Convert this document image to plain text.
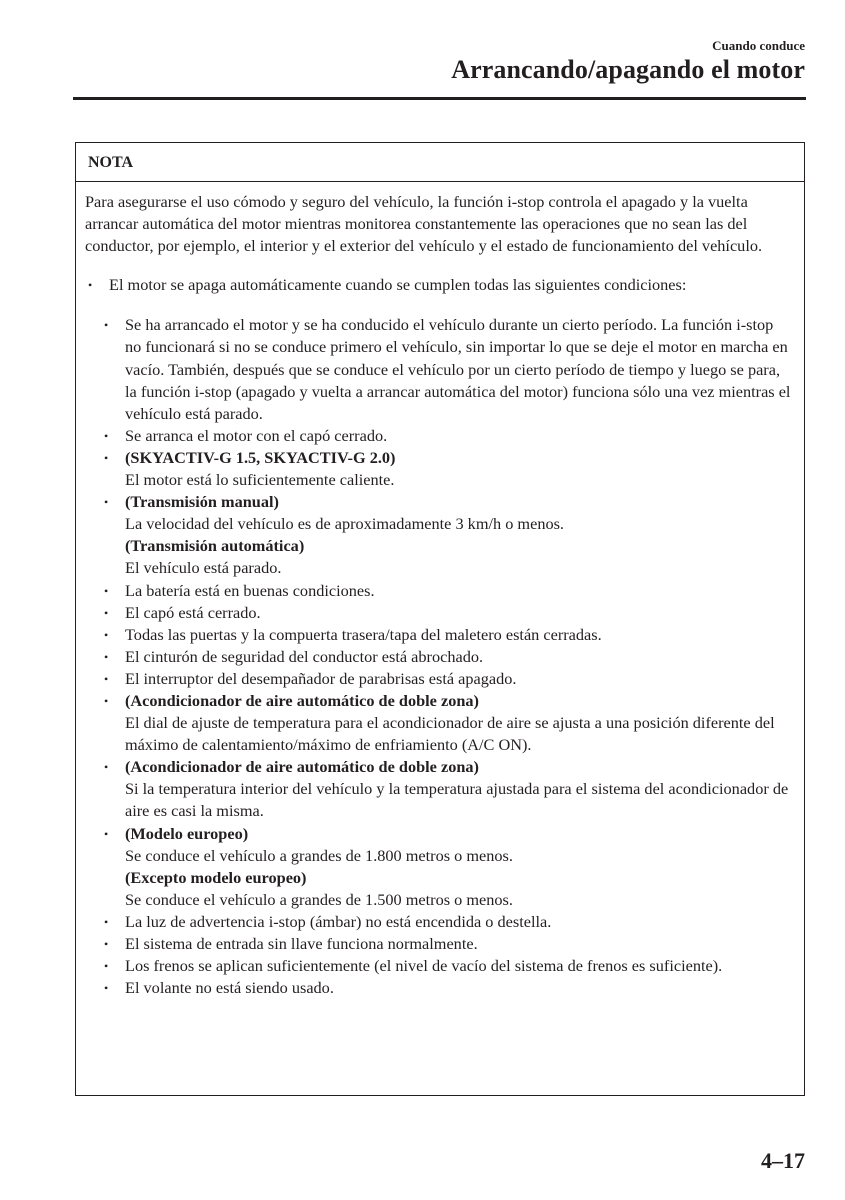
Cuando conduce
Arrancando/apagando el motor
NOTA

Para asegurarse el uso cómodo y seguro del vehículo, la función i-stop controla el apagado y la vuelta arrancar automática del motor mientras monitorea constantemente las operaciones que no sean las del conductor, por ejemplo, el interior y el exterior del vehículo y el estado de funcionamiento del vehículo.

• El motor se apaga automáticamente cuando se cumplen todas las siguientes condiciones:
• Se ha arrancado el motor y se ha conducido el vehículo durante un cierto período. La función i-stop no funcionará si no se conduce primero el vehículo, sin importar lo que se deje el motor en marcha en vacío. También, después que se conduce el vehículo por un cierto período de tiempo y luego se para, la función i-stop (apagado y vuelta a arrancar automática del motor) funciona sólo una vez mientras el vehículo está parado.
• Se arranca el motor con el capó cerrado.
• (SKYACTIV-G 1.5, SKYACTIV-G 2.0)
El motor está lo suficientemente caliente.
• (Transmisión manual)
La velocidad del vehículo es de aproximadamente 3 km/h o menos.
(Transmisión automática)
El vehículo está parado.
• La batería está en buenas condiciones.
• El capó está cerrado.
• Todas las puertas y la compuerta trasera/tapa del maletero están cerradas.
• El cinturón de seguridad del conductor está abrochado.
• El interruptor del desempañador de parabrisas está apagado.
• (Acondicionador de aire automático de doble zona)
El dial de ajuste de temperatura para el acondicionador de aire se ajusta a una posición diferente del máximo de calentamiento/máximo de enfriamiento (A/C ON).
• (Acondicionador de aire automático de doble zona)
Si la temperatura interior del vehículo y la temperatura ajustada para el sistema del acondicionador de aire es casi la misma.
• (Modelo europeo)
Se conduce el vehículo a grandes de 1.800 metros o menos.
(Excepto modelo europeo)
Se conduce el vehículo a grandes de 1.500 metros o menos.
• La luz de advertencia i-stop (ámbar) no está encendida o destella.
• El sistema de entrada sin llave funciona normalmente.
• Los frenos se aplican suficientemente (el nivel de vacío del sistema de frenos es suficiente).
• El volante no está siendo usado.
4–17
